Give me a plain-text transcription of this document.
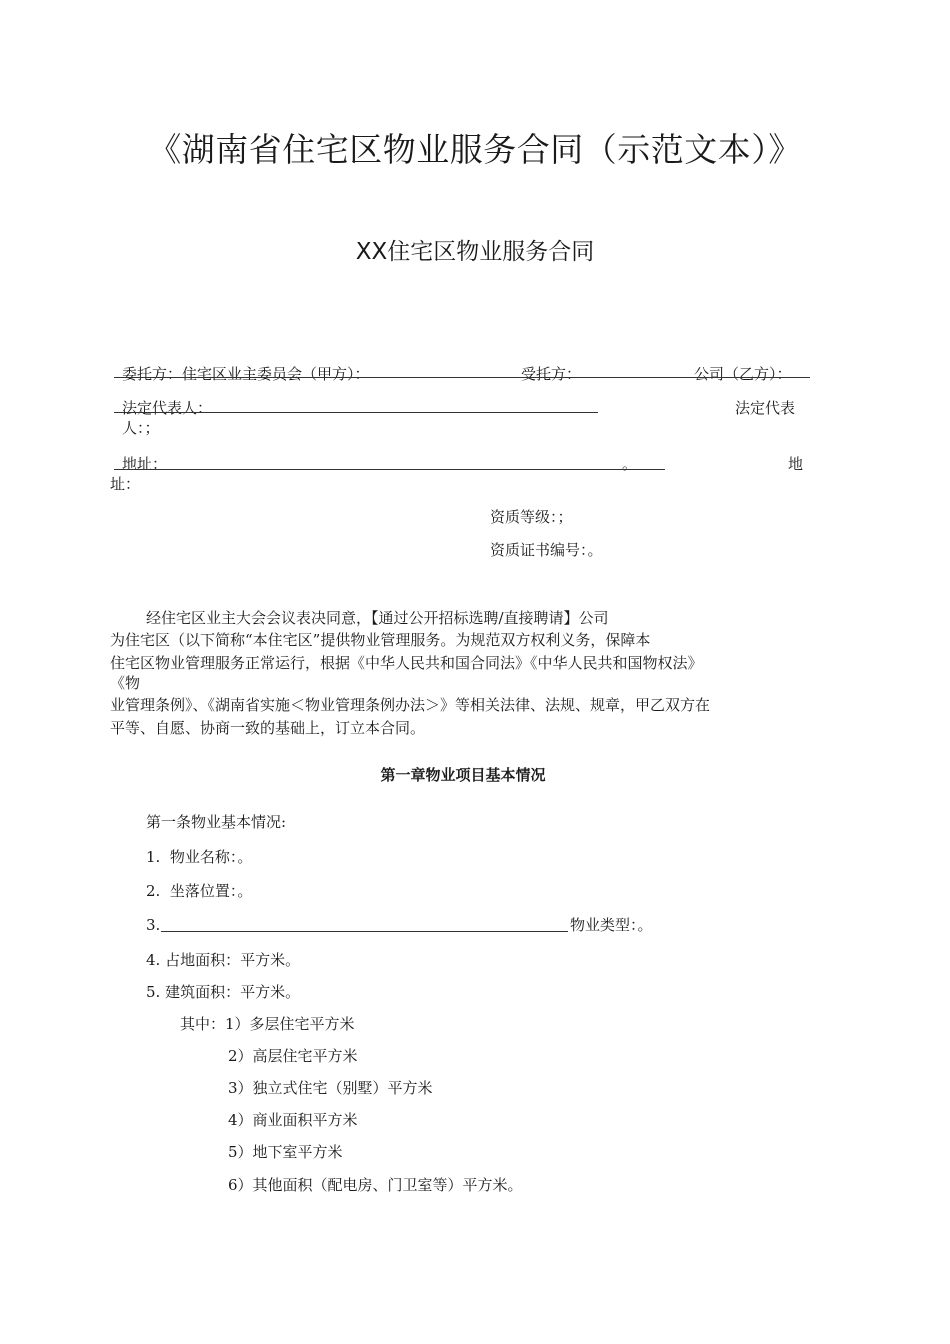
《湖南省住宅区物业服务合同（示范文本）》
XX住宅区物业服务合同
委托方：住宅区业主委员会（甲方）：	受托方：	公司（乙方）：
法定代表人：	法定代表
人：；
地址：	。	地
址：
资质等级：；
资质证书编号：。
经住宅区业主大会会议表决同意，【通过公开招标选聘/直接聘请】公司
为住宅区（以下简称“本住宅区”提供物业管理服务。为规范双方权利义务，保障本
住宅区物业管理服务正常运行，根据《中华人民共和国合同法》《中华人民共和国物权法》
《物
业管理条例》、《湖南省实施＜物业管理条例办法＞》等相关法律、法规、规章，甲乙双方在
平等、自愿、协商一致的基础上，订立本合同。
第一章物业项目基本情况
第一条物业基本情况:
1.  物业名称：。
2.  坐落位置：。
3.	物业类型：。
4. 占地面积：平方米。
5. 建筑面积：平方米。
其中：1）多层住宅平方米
2）高层住宅平方米
3）独立式住宅（别墅）平方米
4）商业面积平方米
5）地下室平方米
6）其他面积（配电房、门卫室等）平方米。
